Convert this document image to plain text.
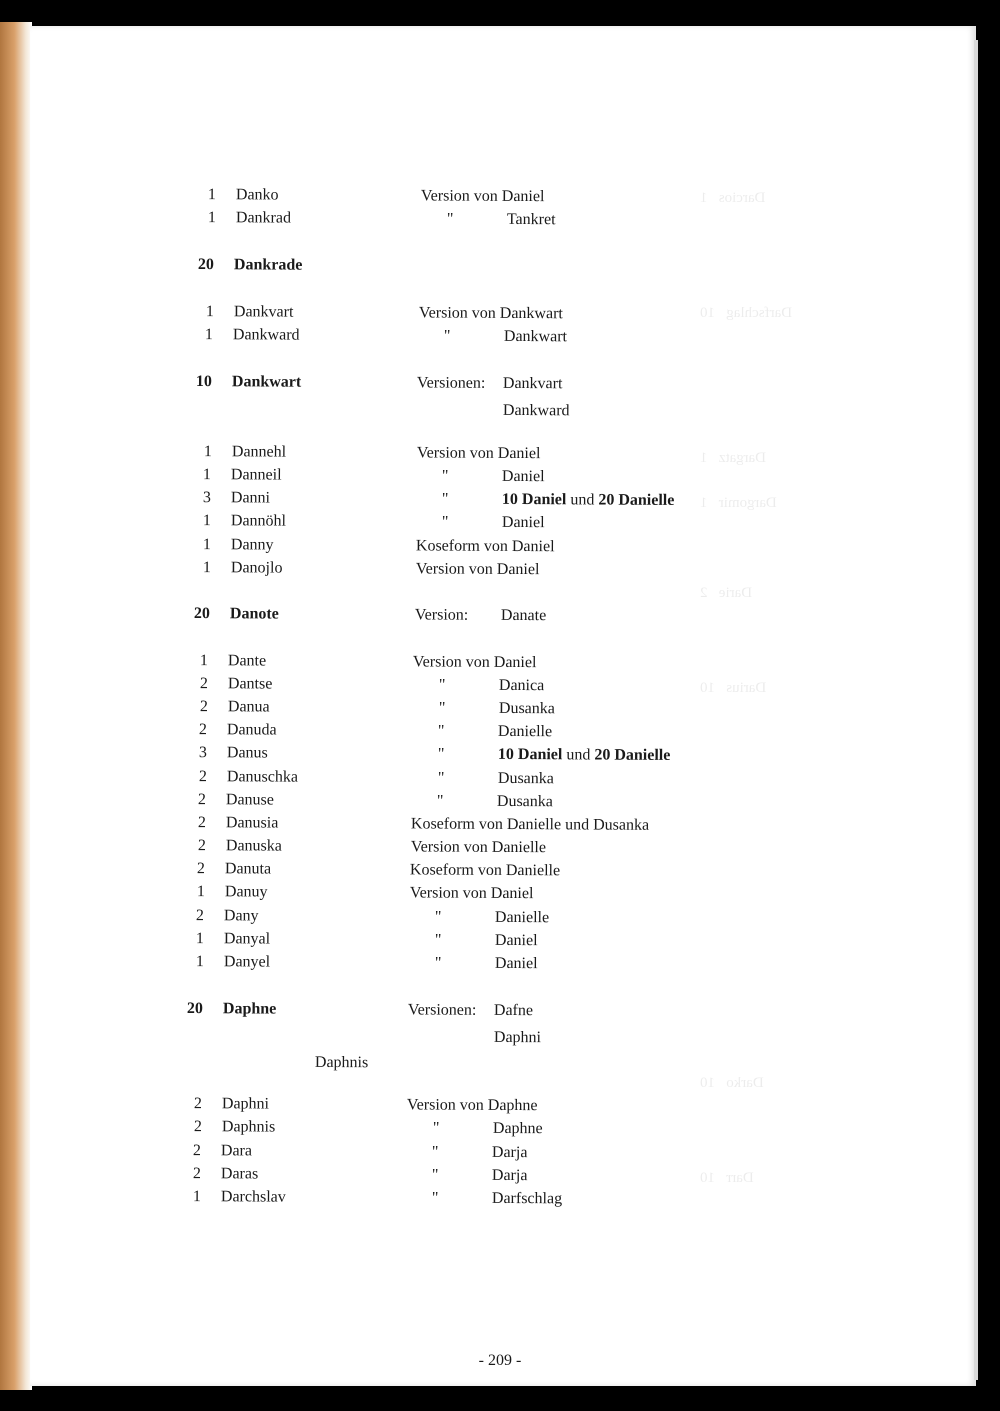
Darcios   1
Darfschlag   10
Dargatz   1
Dargomir   1
Darie   2
Darius   10
Darko   10
Darr   10
1 Danko	Version von Daniel
1 Dankrad	"	Tankret
20 Dankrade
1 Dankvart	Version von Dankwart
1 Dankward	"	Dankwart
10 Dankwart	Versionen: Dankvart
Dankward
1 Dannehl	Version von Daniel
1 Danneil	"	Daniel
3 Danni	"	10 Daniel und 20 Danielle
1 Dannöhl	"	Daniel
1 Danny	Koseform von Daniel
1 Danojlo	Version von Daniel
20 Danote	Version: Danate
1 Dante	Version von Daniel
2 Dantse	"	Danica
2 Danua	"	Dusanka
2 Danuda	"	Danielle
3 Danus	"	10 Daniel und 20 Danielle
2 Danuschka	"	Dusanka
2 Danuse	"	Dusanka
2 Danusia	Koseform von Danielle und Dusanka
2 Danuska	Version von Danielle
2 Danuta	Koseform von Danielle
1 Danuy	Version von Daniel
2 Dany	"	Danielle
1 Danyal	"	Daniel
1 Danyel	"	Daniel
20 Daphne	Versionen: Dafne
Daphni
Daphnis
2 Daphni	Version von Daphne
2 Daphnis	"	Daphne
2 Dara	"	Darja
2 Daras	"	Darja
1 Darchslav	"	Darfschlag
- 209 -
